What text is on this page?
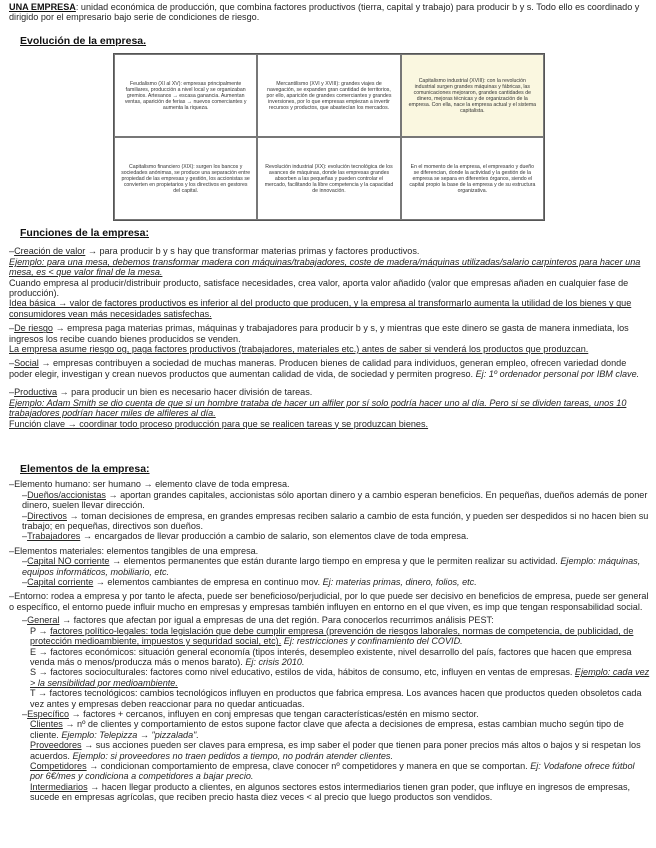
UNA EMPRESA: unidad económica de producción, que combina factores productivos (tierra, capital y trabajo) para producir b y s. Todo ello es coordinado y dirigido por el empresario bajo serie de condiciones de riesgo.

Evolución de la empresa.

Feudalismo (XI al XV): empresas principalmente familiares, producción a nivel local y se organizaban gremios. Artesanos → escasa ganancia. Aumentan ventas, aparición de ferias → nuevos comerciantes y aumenta la riqueza.
Mercantilismo (XVI y XVIII): grandes viajes de navegación, se expanden gran cantidad de territorios, por ello, aparición de grandes comerciantes y grandes inversiones, por lo que empresas empiezan a invertir recursos y productos, que abastecían los mercados.
Capitalismo industrial (XVIII): con la revolución industrial surgen grandes máquinas y fábricas, las comunicaciones mejoraron, grandes cantidades de dinero, mejoras técnicas y de organización de la empresa. Con ella, nace la empresa actual y el sistema capitalista.
Capitalismo financiero (XIX): surgen los bancos y sociedades anónimas, se produce una separación entre propiedad de las empresas y gestión, los accionistas se convierten en propietarios y los directivos en gestores del capital.
Revolución industrial (XX): evolución tecnológica de los avances de máquinas, donde las empresas grandes absorben a las pequeñas y pueden controlar el mercado, facilitando la libre competencia y la capacidad de innovación.
En el momento de la empresa, el empresario y dueño se diferencian, donde la actividad y la gestión de la empresa se separa en diferentes órganos, siendo el capital propio la base de la empresa y de su estructura organizativa.

Funciones de la empresa:

–Creación de valor → para producir b y s hay que transformar materias primas y factores productivos.

Ejemplo: para una mesa, debemos transformar madera con máquinas/trabajadores, coste de madera/máquinas utilizadas/salario carpinteros para hacer una mesa, es < que valor final de la mesa.

Cuando empresa al producir/distribuir producto, satisface necesidades, crea valor, aporta valor añadido (valor que empresas añaden en cualquier fase de producción).

Idea básica → valor de factores productivos es inferior al del producto que producen, y la empresa al transformarlo aumenta la utilidad de los bienes y que consumidores vean más necesidades satisfechas.

–De riesgo → empresa paga materias primas, máquinas y trabajadores para producir b y s, y mientras que este dinero se gasta de manera inmediata, los ingresos los recibe cuando bienes producidos se venden.

La empresa asume riesgo og, paga factores productivos (trabajadores, materiales etc.) antes de saber si venderá los productos que produzcan.

–Social → empresas contribuyen a sociedad de muchas maneras. Producen bienes de calidad para individuos, generan empleo, ofrecen variedad donde poder elegir, investigan y crean nuevos productos que aumentan calidad de vida, de sociedad y permiten progreso. Ej: 1º ordenador personal por IBM clave.

–Productiva → para producir un bien es necesario hacer división de tareas.

Ejemplo: Adam Smith se dio cuenta de que si un hombre trataba de hacer un alfiler por sí solo podría hacer uno al día. Pero si se dividen tareas, unos 10 trabajadores podrían hacer miles de alfileres al día.

Función clave → coordinar todo proceso producción para que se realicen tareas y se produzcan bienes.

Elementos de la empresa:

–Elemento humano: ser humano → elemento clave de toda empresa.

–Dueños/accionistas → aportan grandes capitales, accionistas sólo aportan dinero y a cambio esperan beneficios. En pequeñas, dueños además de poner dinero, suelen llevar dirección.

–Directivos → toman decisiones de empresa, en grandes empresas reciben salario a cambio de esta función, y pueden ser despedidos si no hacen bien su trabajo; en pequeñas, directivos son dueños.

–Trabajadores → encargados de llevar producción a cambio de salario, son elementos clave de toda empresa.

–Elementos materiales: elementos tangibles de una empresa.

–Capital NO corriente → elementos permanentes que están durante largo tiempo en empresa y que le permiten realizar su actividad. Ejemplo: máquinas, equipos informáticos, mobiliario, etc.

–Capital corriente → elementos cambiantes de empresa en continuo mov. Ej: materias primas, dinero, folios, etc.

–Entorno: rodea a empresa y por tanto le afecta, puede ser beneficioso/perjudicial, por lo que puede ser decisivo en beneficios de empresa, puede ser general o específico, el entorno puede influir mucho en empresas y empresas también influyen en entorno en el que viven, es imp que tengan responsabilidad social.

–General → factores que afectan por igual a empresas de una det región. Para conocerlos recurrimos análisis PEST:

P → factores político-legales: toda legislación que debe cumplir empresa (prevención de riesgos laborales, normas de competencia, de publicidad, de protección medioambiente, impuestos y seguridad social, etc). Ej: restricciones y confinamiento del COVID.

E → factores económicos: situación general economía (tipos interés, desempleo existente, nivel desarrollo del país, factores que hacen que empresa venda más o menos/producza más o menos barato). Ej: crisis 2010.

S → factores socioculturales: factores como nivel educativo, estilos de vida, hábitos de consumo, etc, influyen en ventas de empresas. Ejemplo: cada vez > la sensibilidad por medioambiente.

T → factores tecnológicos: cambios tecnológicos influyen en productos que fabrica empresa. Los avances hacen que productos queden obsoletos cada vez antes y empresas deben reaccionar para no quedar anticuadas.

–Específico → factores + cercanos, influyen en conj empresas que tengan características/estén en mismo sector.

Clientes → nº de clientes y comportamiento de estos supone factor clave que afecta a decisiones de empresa, estas cambian mucho según tipo de cliente. Ejemplo: Telepizza → "pizzalada".

Proveedores → sus acciones pueden ser claves para empresa, es imp saber el poder que tienen para poner precios más altos o bajos y si respetan los acuerdos. Ejemplo: si proveedores no traen pedidos a tiempo, no podrán atender clientes.

Competidores → condicionan comportamiento de empresa, clave conocer nº competidores y manera en que se comportan. Ej: Vodafone ofrece fútbol por 6€/mes y condiciona a competidores a bajar precio.

Intermediarios → hacen llegar producto a clientes, en algunos sectores estos intermediarios tienen gran poder, que influye en ingresos de empresas, sucede en empresas agrícolas, que reciben precio hasta diez veces < al precio que luego productos son vendidos.
